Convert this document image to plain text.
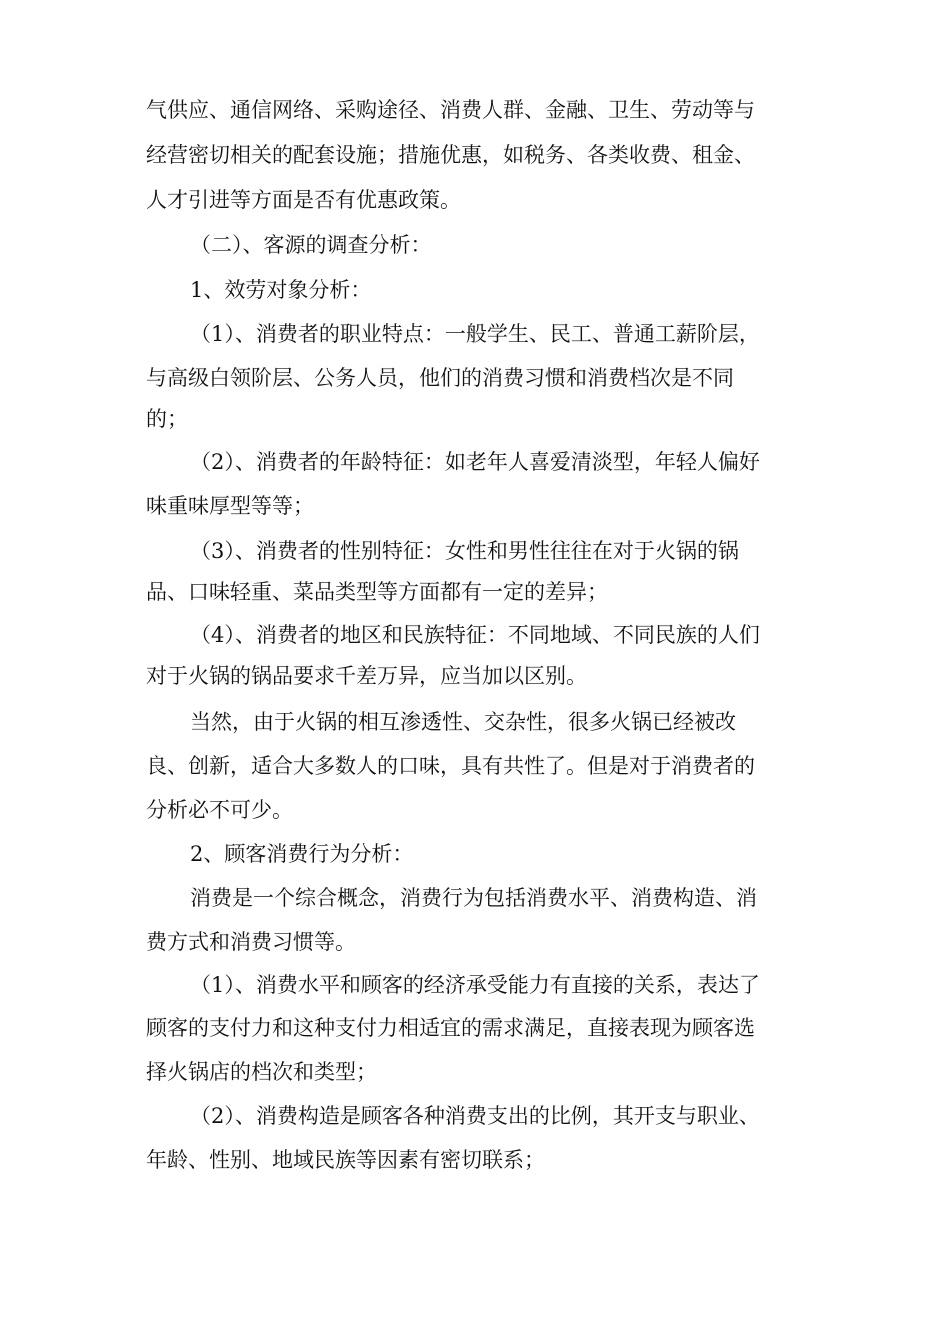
气供应、通信网络、采购途径、消费人群、金融、卫生、劳动等与
经营密切相关的配套设施；措施优惠，如税务、各类收费、租金、
人才引进等方面是否有优惠政策。
（二）、客源的调查分析：
1、效劳对象分析：
（1）、消费者的职业特点：一般学生、民工、普通工薪阶层，
与高级白领阶层、公务人员，他们的消费习惯和消费档次是不同
的；
（2）、消费者的年龄特征：如老年人喜爱清淡型，年轻人偏好
味重味厚型等等；
（3）、消费者的性别特征：女性和男性往往在对于火锅的锅
品、口味轻重、菜品类型等方面都有一定的差异；
（4）、消费者的地区和民族特征：不同地域、不同民族的人们
对于火锅的锅品要求千差万异，应当加以区别。
当然，由于火锅的相互渗透性、交杂性，很多火锅已经被改
良、创新，适合大多数人的口味，具有共性了。但是对于消费者的
分析必不可少。
2、顾客消费行为分析：
消费是一个综合概念，消费行为包括消费水平、消费构造、消
费方式和消费习惯等。
（1）、消费水平和顾客的经济承受能力有直接的关系，表达了
顾客的支付力和这种支付力相适宜的需求满足，直接表现为顾客选
择火锅店的档次和类型；
（2）、消费构造是顾客各种消费支出的比例，其开支与职业、
年龄、性别、地域民族等因素有密切联系；
